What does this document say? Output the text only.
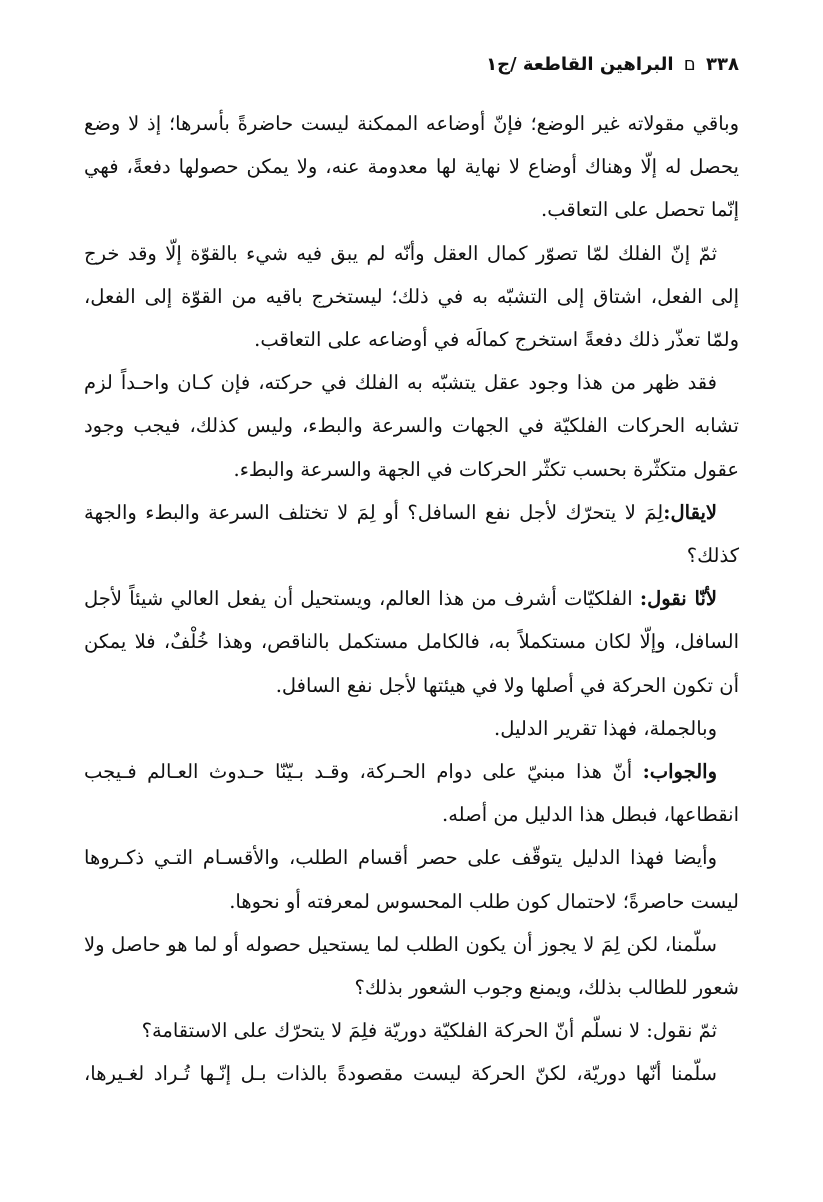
٣٣٨ ם البراهين القاطعة /ج١

وباقي مقولاته غير الوضع؛ فإنّ أوضاعه الممكنة ليست حاضرةً بأسرها؛ إذ لا وضع يحصل له إلّا وهناك أوضاع لا نهاية لها معدومة عنه، ولا يمكن حصولها دفعةً، فهي إنّما تحصل على التعاقب.

ثمّ إنّ الفلك لمّا تصوّر كمال العقل وأنّه لم يبق فيه شيء بالقوّة إلّا وقد خرج إلى الفعل، اشتاق إلى التشبّه به في ذلك؛ ليستخرج باقيه من القوّة إلى الفعل، ولمّا تعذّر ذلك دفعةً استخرج كمالَه في أوضاعه على التعاقب.

فقد ظهر من هذا وجود عقل يتشبّه به الفلك في حركته، فإن كـان واحـداً لزم تشابه الحركات الفلكيّة في الجهات والسرعة والبطء، وليس كذلك، فيجب وجود عقول متكثّرة بحسب تكثّر الحركات في الجهة والسرعة والبطء.

لايقال:لِمَ لا يتحرّك لأجل نفع السافل؟ أو لِمَ لا تختلف السرعة والبطء والجهة كذلك؟

لأنّا نقول: الفلكيّات أشرف من هذا العالم، ويستحيل أن يفعل العالي شيئاً لأجل السافل، وإلّا لكان مستكملاً به، فالكامل مستكمل بالناقص، وهذا خُلْفٌ، فلا يمكن أن تكون الحركة في أصلها ولا في هيئتها لأجل نفع السافل.

وبالجملة، فهذا تقرير الدليل.

والجواب: أنّ هذا مبنيّ على دوام الحـركة، وقـد بـيّنّا حـدوث العـالم فـيجب انقطاعها، فبطل هذا الدليل من أصله.

وأيضا فهذا الدليل يتوقّف على حصر أقسام الطلب، والأقسـام التـي ذكـروها ليست حاصرةً؛ لاحتمال كون طلب المحسوس لمعرفته أو نحوها.

سلّمنا، لكن لِمَ لا يجوز أن يكون الطلب لما يستحيل حصوله أو لما هو حاصل ولا شعور للطالب بذلك، ويمنع وجوب الشعور بذلك؟

ثمّ نقول: لا نسلّم أنّ الحركة الفلكيّة دوريّة فلِمَ لا يتحرّك على الاستقامة؟

سلّمنا أنّها دوريّة، لكنّ الحركة ليست مقصودةً بالذات بـل إنّـها تُـراد لغـيرها،
